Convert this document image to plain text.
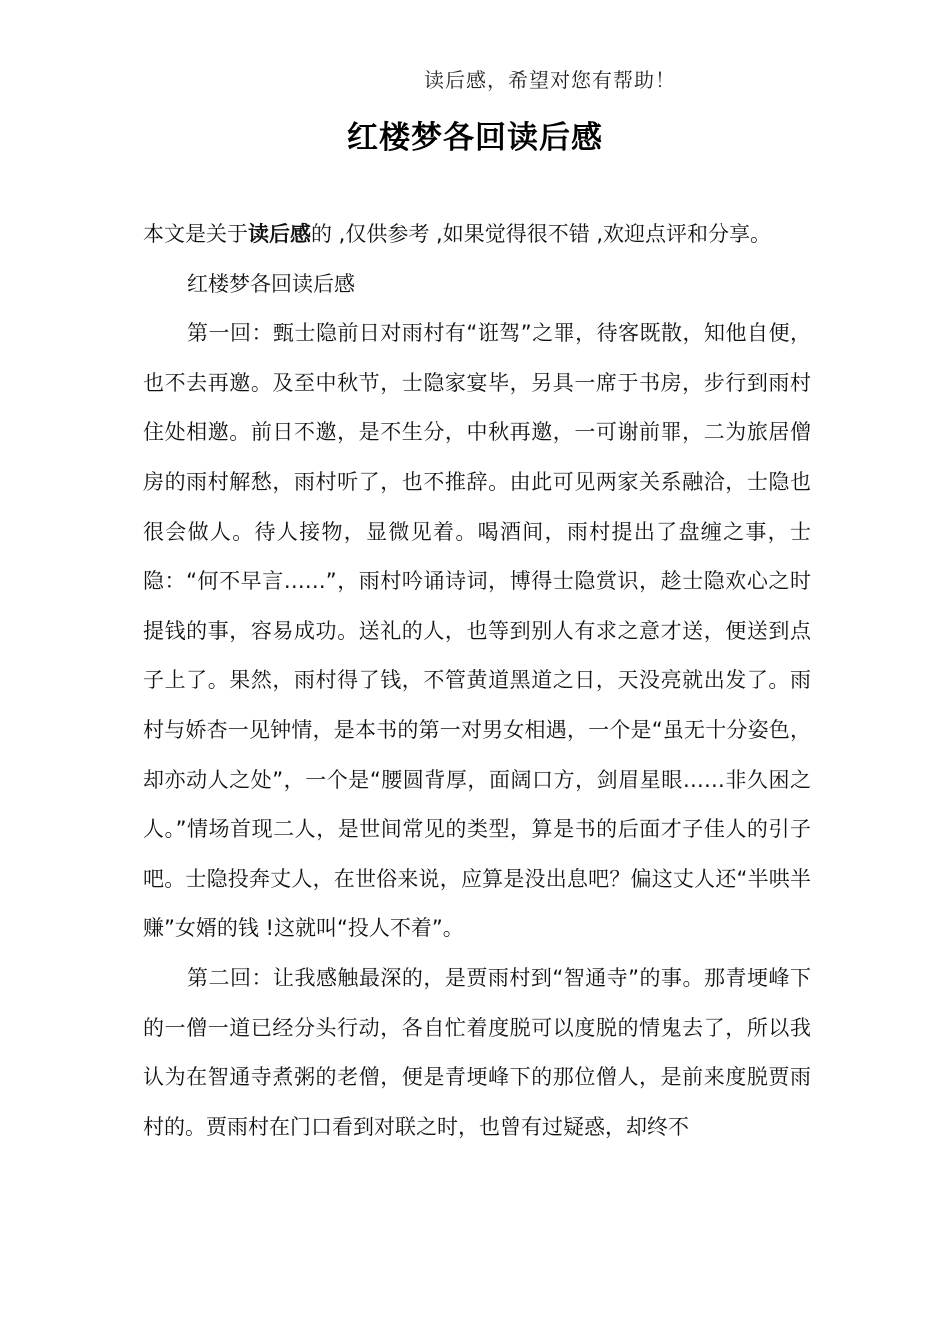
读后感，希望对您有帮助！
红楼梦各回读后感

本文是关于读后感的 ,仅供参考 ,如果觉得很不错 ,欢迎点评和分享。

红楼梦各回读后感

第一回：甄士隐前日对雨村有“诳驾”之罪，待客既散，知他自便，也不去再邀。及至中秋节，士隐家宴毕，另具一席于书房，步行到雨村住处相邀。前日不邀，是不生分，中秋再邀，一可谢前罪，二为旅居僧房的雨村解愁，雨村听了，也不推辞。由此可见两家关系融洽，士隐也很会做人。待人接物，显微见着。喝酒间，雨村提出了盘缠之事，士隐：“何不早言……”，雨村吟诵诗词，博得士隐赏识，趁士隐欢心之时提钱的事，容易成功。送礼的人，也等到别人有求之意才送，便送到点子上了。果然，雨村得了钱，不管黄道黑道之日，天没亮就出发了。雨村与娇杏一见钟情，是本书的第一对男女相遇，一个是“虽无十分姿色，却亦动人之处”，一个是“腰圆背厚，面阔口方，剑眉星眼……非久困之人。”情场首现二人，是世间常见的类型，算是书的后面才子佳人的引子吧。士隐投奔丈人，在世俗来说，应算是没出息吧？偏这丈人还“半哄半赚”女婿的钱 !这就叫“投人不着”。

第二回：让我感触最深的，是贾雨村到“智通寺”的事。那青埂峰下的一僧一道已经分头行动，各自忙着度脱可以度脱的情鬼去了，所以我认为在智通寺煮粥的老僧，便是青埂峰下的那位僧人，是前来度脱贾雨村的。贾雨村在门口看到对联之时，也曾有过疑惑，却终不
